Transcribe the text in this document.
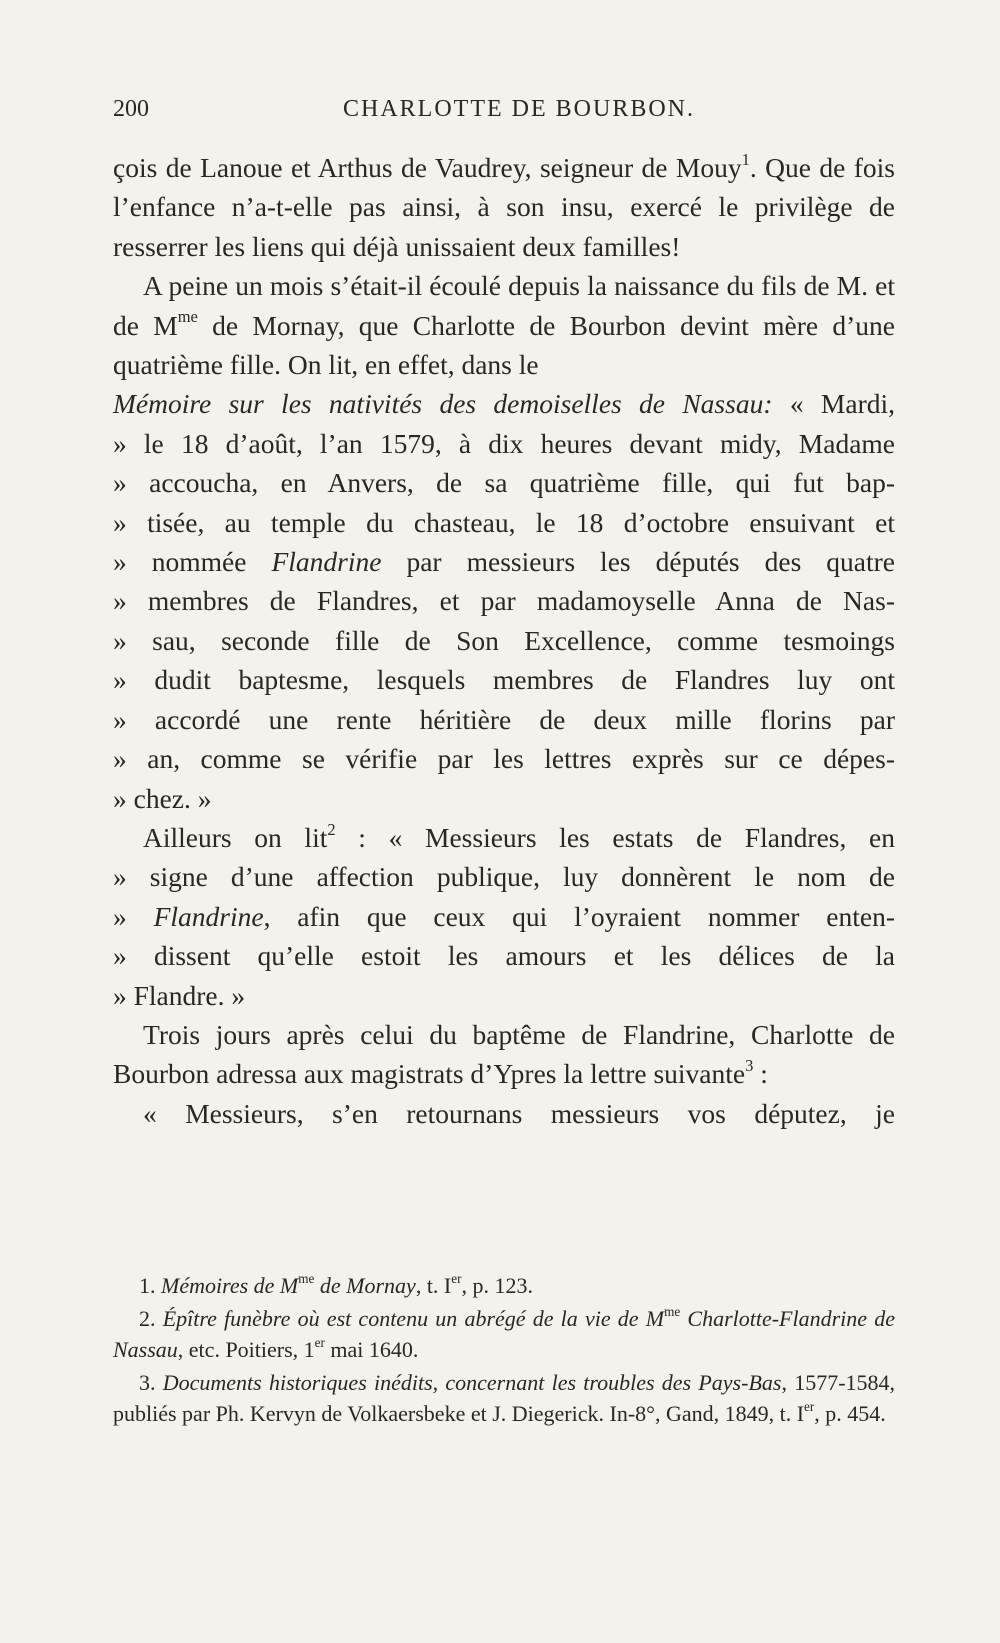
200	CHARLOTTE DE BOURBON.

çois de Lanoue et Arthus de Vaudrey, seigneur de Mouy$^1$. Que de fois l’enfance n’a-t-elle pas ainsi, à son insu, exercé le privilège de resserrer les liens qui déjà unissaient deux familles!

A peine un mois s’était-il écoulé depuis la naissance du fils de M. et de $M^{me}$ de Mornay, que Charlotte de Bourbon devint mère d’une quatrième fille. On lit, en effet, dans le

Mémoire sur les nativités des demoiselles de Nassau: « Mardi,

» le 18 d’août, l’an 1579, à dix heures devant midy, Madame

» accoucha, en Anvers, de sa quatrième fille, qui fut bap-

» tisée, au temple du chasteau, le 18 d’octobre ensuivant et

» nommée Flandrine par messieurs les députés des quatre

» membres de Flandres, et par madamoyselle Anna de Nas-

» sau, seconde fille de Son Excellence, comme tesmoings

» dudit baptesme, lesquels membres de Flandres luy ont

» accordé une rente héritière de deux mille florins par

» an, comme se vérifie par les lettres exprès sur ce dépes-

» chez. »

Ailleurs on lit$^2$ : « Messieurs les estats de Flandres, en

» signe d’une affection publique, luy donnèrent le nom de

» Flandrine, afin que ceux qui l’oyraient nommer enten-

» dissent qu’elle estoit les amours et les délices de la

» Flandre. »

Trois jours après celui du baptême de Flandrine, Charlotte de Bourbon adressa aux magistrats d’Ypres la lettre suivante$^3$ :

« Messieurs, s’en retournans messieurs vos députez, je

1. Mémoires de $M^{me}$ de Mornay, t. Ier, p. 123.

2. Épître funèbre où est contenu un abrégé de la vie de $M^{me}$ Charlotte-Flandrine de Nassau, etc. Poitiers, 1er mai 1640.

3. Documents historiques inédits, concernant les troubles des Pays-Bas, 1577-1584, publiés par Ph. Kervyn de Volkaersbeke et J. Diegerick. In-8°, Gand, 1849, t. Ier, p. 454.
